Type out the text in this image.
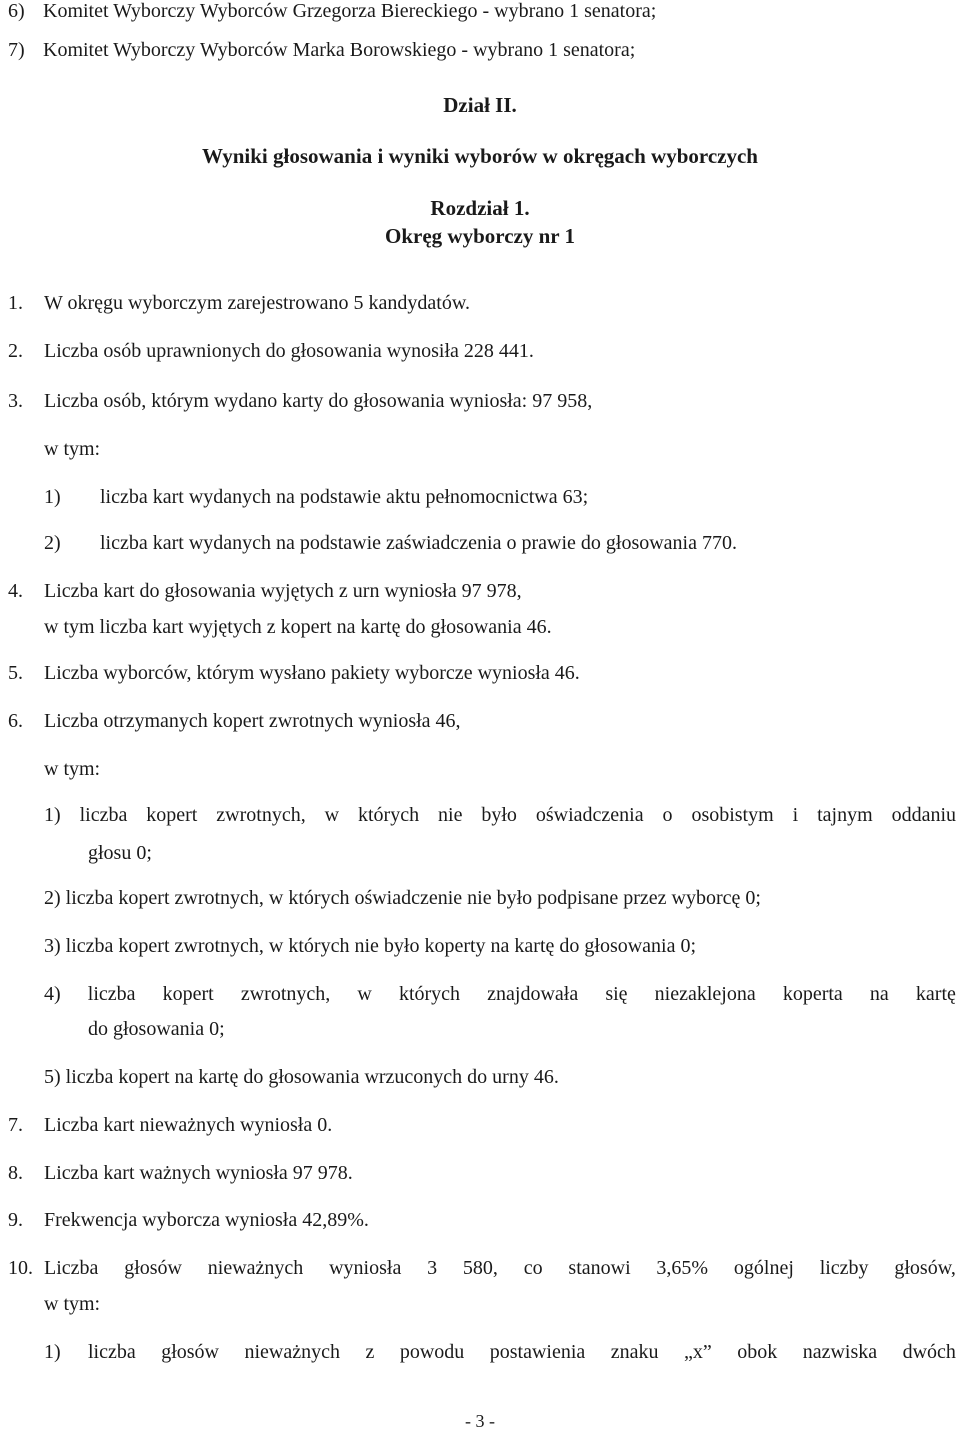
6) Komitet Wyborczy Wyborców Grzegorza Biereckiego - wybrano 1 senatora;
7) Komitet Wyborczy Wyborców Marka Borowskiego - wybrano 1 senatora;
Dział II.
Wyniki głosowania i wyniki wyborów w okręgach wyborczych
Rozdział 1.
Okręg wyborczy nr 1
1. W okręgu wyborczym zarejestrowano 5 kandydatów.
2. Liczba osób uprawnionych do głosowania wynosiła 228 441.
3. Liczba osób, którym wydano karty do głosowania wyniosła: 97 958,
w tym:
1) liczba kart wydanych na podstawie aktu pełnomocnictwa 63;
2) liczba kart wydanych na podstawie zaświadczenia o prawie do głosowania 770.
4. Liczba kart do głosowania wyjętych z urn wyniosła 97 978,
w tym liczba kart wyjętych z kopert na kartę do głosowania 46.
5. Liczba wyborców, którym wysłano pakiety wyborcze wyniosła 46.
6. Liczba otrzymanych kopert zwrotnych wyniosła 46,
w tym:
1) liczba kopert zwrotnych, w których nie było oświadczenia o osobistym i tajnym oddaniu
głosu 0;
2) liczba kopert zwrotnych, w których oświadczenie nie było podpisane przez wyborcę 0;
3) liczba kopert zwrotnych, w których nie było koperty na kartę do głosowania 0;
4) liczba kopert zwrotnych, w których znajdowała się niezaklejona koperta na kartę
do głosowania 0;
5) liczba kopert na kartę do głosowania wrzuconych do urny 46.
7. Liczba kart nieważnych wyniosła 0.
8. Liczba kart ważnych wyniosła 97 978.
9. Frekwencja wyborcza wyniosła 42,89%.
10. Liczba głosów nieważnych wyniosła 3 580, co stanowi 3,65% ogólnej liczby głosów,
w tym:
1) liczba głosów nieważnych z powodu postawienia znaku „x” obok nazwiska dwóch
- 3 -
